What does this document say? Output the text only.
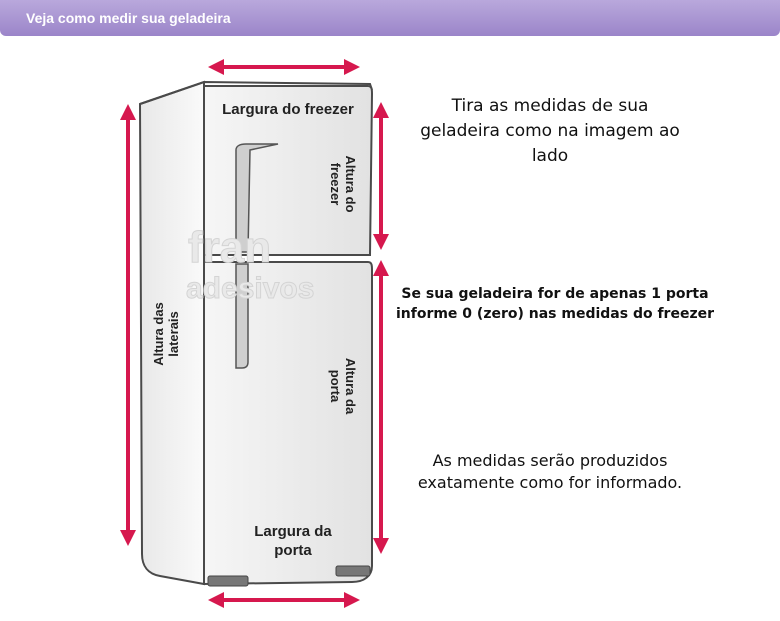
Veja como medir sua geladeira
fran
adesivos
Largura do freezer
Altura do
freezer
Altura da
porta
Altura das laterais
Largura da
porta
Tira as medidas de sua geladeira como na imagem ao lado
Se sua geladeira for de apenas 1 porta informe 0 (zero) nas medidas do freezer
As medidas serão produzidos exatamente como for informado.
